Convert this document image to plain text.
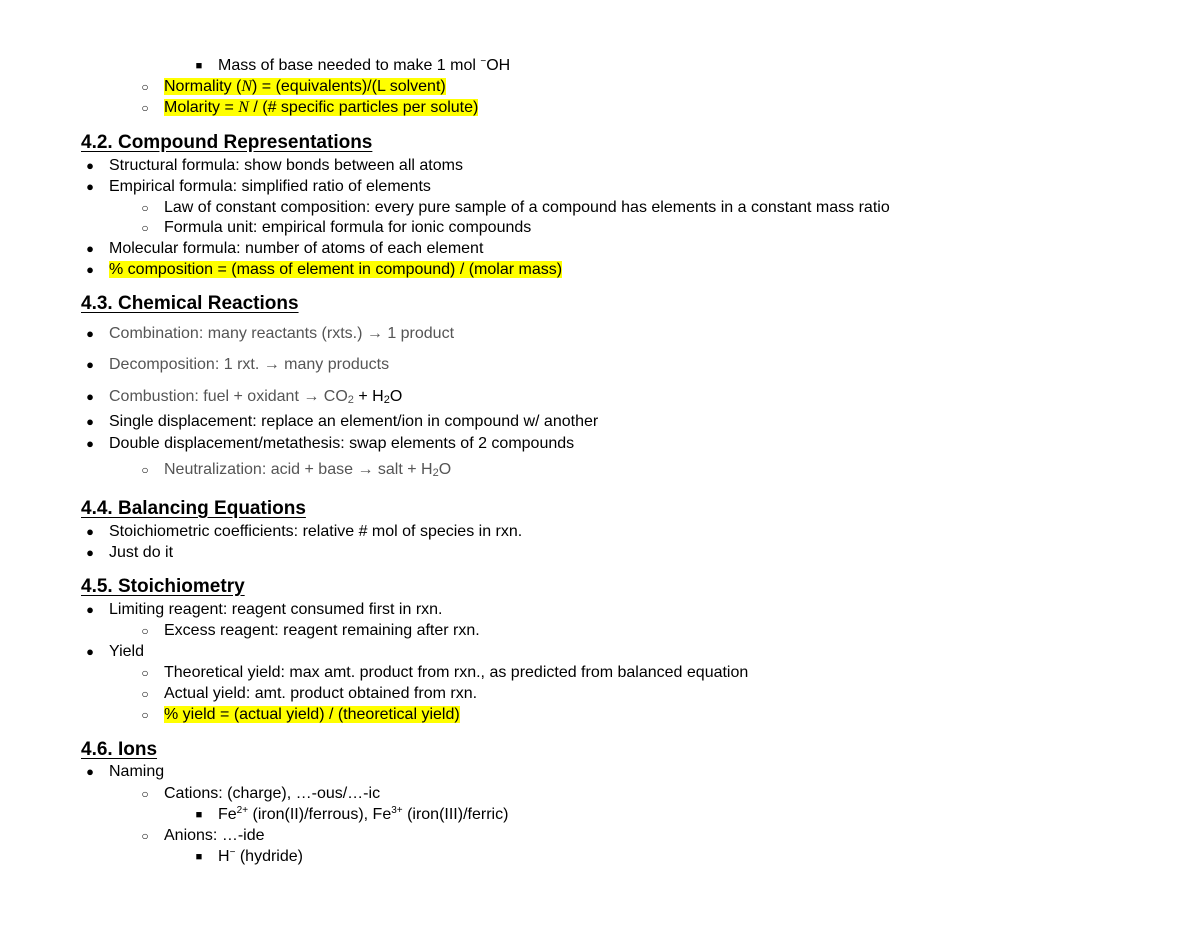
■ Mass of base needed to make 1 mol −OH
○ Normality (N) = (equivalents)/(L solvent)
○ Molarity = N / (# specific particles per solute)
4.2. Compound Representations
● Structural formula: show bonds between all atoms
● Empirical formula: simplified ratio of elements
○ Law of constant composition: every pure sample of a compound has elements in a constant mass ratio
○ Formula unit: empirical formula for ionic compounds
● Molecular formula: number of atoms of each element
● % composition = (mass of element in compound) / (molar mass)
4.3. Chemical Reactions
● Combination: many reactants (rxts.) → 1 product
● Decomposition: 1 rxt. → many products
● Combustion: fuel + oxidant → $CO_2 + H_2O$
● Single displacement: replace an element/ion in compound w/ another
● Double displacement/metathesis: swap elements of 2 compounds
○ Neutralization: acid + base → salt + $H_2O$
4.4. Balancing Equations
● Stoichiometric coefficients: relative # mol of species in rxn.
● Just do it
4.5. Stoichiometry
● Limiting reagent: reagent consumed first in rxn.
○ Excess reagent: reagent remaining after rxn.
● Yield
○ Theoretical yield: max amt. product from rxn., as predicted from balanced equation
○ Actual yield: amt. product obtained from rxn.
○ % yield = (actual yield) / (theoretical yield)
4.6. Ions
● Naming
○ Cations: (charge), …-ous/…-ic
■ $Fe^{2+}$ (iron(II)/ferrous), $Fe^{3+}$ (iron(III)/ferric)
○ Anions: …-ide
■ H− (hydride)
